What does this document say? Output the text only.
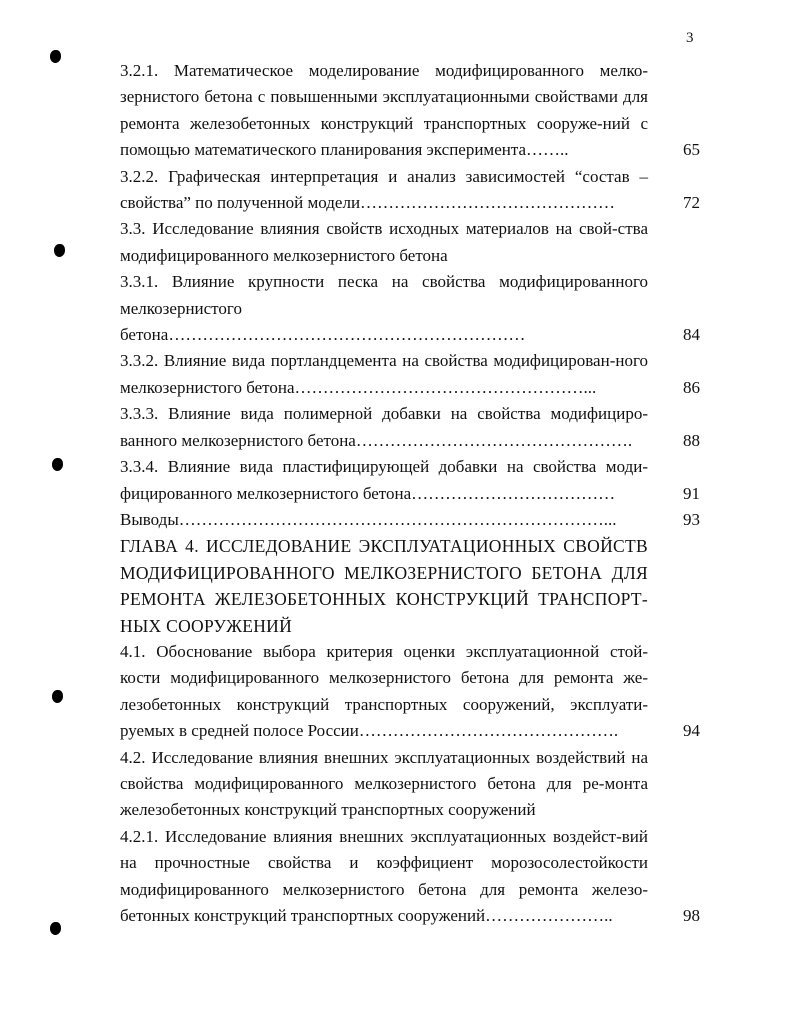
3
3.2.1. Математическое моделирование модифицированного мелко-зернистого бетона с повышенными эксплуатационными свойствами для ремонта железобетонных конструкций транспортных сооруже-ний с помощью математического планирования эксперимента……..	65
3.2.2. Графическая интерпретация и анализ зависимостей “состав – свойства” по полученной модели………………………………………	72
3.3. Исследование влияния свойств исходных материалов на свой-ства модифицированного мелкозернистого бетона
3.3.1. Влияние крупности песка на свойства модифицированного мелкозернистого бетона………………………………………………………	84
3.3.2. Влияние вида портландцемента на свойства модифицирован-ного мелкозернистого бетона……………………………………………...	86
3.3.3. Влияние вида полимерной добавки на свойства модифициро-ванного мелкозернистого бетона………………………………………….	88
3.3.4. Влияние вида пластифицирующей добавки на свойства моди-фицированного мелкозернистого бетона………………………………	91
Выводы…………………………………………………………………...	93
ГЛАВА 4. ИССЛЕДОВАНИЕ ЭКСПЛУАТАЦИОННЫХ СВОЙСТВ МОДИФИЦИРОВАННОГО МЕЛКОЗЕРНИСТОГО БЕТОНА ДЛЯ РЕМОНТА ЖЕЛЕЗОБЕТОННЫХ КОНСТРУКЦИЙ ТРАНСПОРТ-НЫХ СООРУЖЕНИЙ
4.1. Обоснование выбора критерия оценки эксплуатационной стой-кости модифицированного мелкозернистого бетона для ремонта же-лезобетонных конструкций транспортных сооружений, эксплуати-руемых в средней полосе России……………………………………….	94
4.2. Исследование влияния внешних эксплуатационных воздействий на свойства модифицированного мелкозернистого бетона для ре-монта железобетонных конструкций транспортных сооружений
4.2.1. Исследование влияния внешних эксплуатационных воздейст-вий на прочностные свойства и коэффициент морозосолестойкости модифицированного мелкозернистого бетона для ремонта железо-бетонных конструкций транспортных сооружений…………………..	98
